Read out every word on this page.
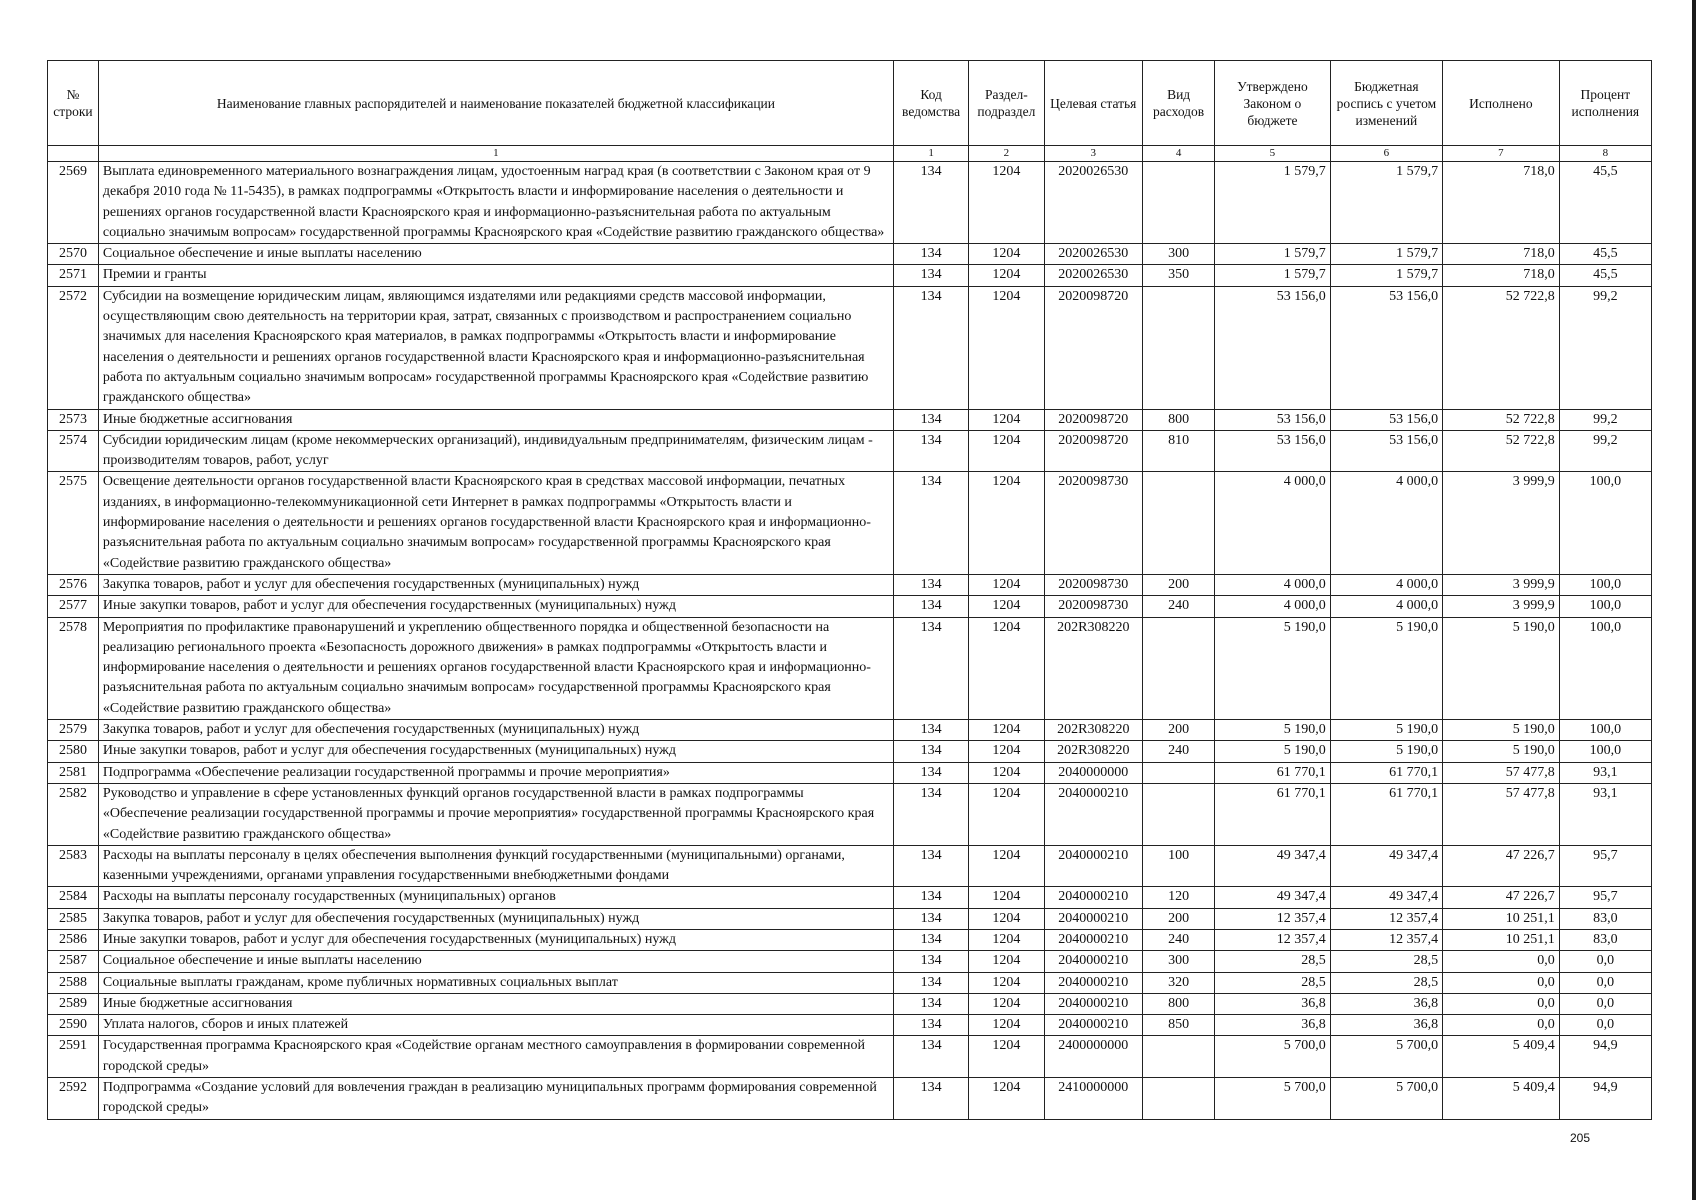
№ строки	Наименование главных распорядителей и наименование показателей бюджетной классификации	Код ведомства	Раздел-подраздел	Целевая статья	Вид расходов	Утверждено Законом о бюджете	Бюджетная роспись с учетом изменений	Исполнено	Процент исполнения
	1	1	2	3	4	5	6	7	8
2569	Выплата единовременного материального вознаграждения лицам, удостоенным наград края (в соответствии с Законом края от 9 декабря 2010 года № 11-5435), в рамках подпрограммы «Открытость власти и информирование населения о деятельности и решениях органов государственной власти Красноярского края и информационно-разъяснительная работа по актуальным социально значимым вопросам» государственной программы Красноярского края «Содействие развитию гражданского общества»	134	1204	2020026530		1 579,7	1 579,7	718,0	45,5
2570	Социальное обеспечение и иные выплаты населению	134	1204	2020026530	300	1 579,7	1 579,7	718,0	45,5
2571	Премии и гранты	134	1204	2020026530	350	1 579,7	1 579,7	718,0	45,5
2572	Субсидии на возмещение юридическим лицам, являющимся издателями или редакциями средств массовой информации, осуществляющим свою деятельность на территории края, затрат, связанных с производством и распространением социально значимых для населения Красноярского края материалов, в рамках подпрограммы «Открытость власти и информирование населения о деятельности и решениях органов государственной власти Красноярского края и информационно-разъяснительная работа по актуальным социально значимым вопросам» государственной программы Красноярского края «Содействие развитию гражданского общества»	134	1204	2020098720		53 156,0	53 156,0	52 722,8	99,2
2573	Иные бюджетные ассигнования	134	1204	2020098720	800	53 156,0	53 156,0	52 722,8	99,2
2574	Субсидии юридическим лицам (кроме некоммерческих организаций), индивидуальным предпринимателям, физическим лицам - производителям товаров, работ, услуг	134	1204	2020098720	810	53 156,0	53 156,0	52 722,8	99,2
2575	Освещение деятельности органов государственной власти Красноярского края в средствах массовой информации, печатных изданиях, в информационно-телекоммуникационной сети Интернет в рамках подпрограммы «Открытость власти и информирование населения о деятельности и решениях органов государственной власти Красноярского края и информационно-разъяснительная работа по актуальным социально значимым вопросам» государственной программы Красноярского края «Содействие развитию гражданского общества»	134	1204	2020098730		4 000,0	4 000,0	3 999,9	100,0
2576	Закупка товаров, работ и услуг для обеспечения государственных (муниципальных) нужд	134	1204	2020098730	200	4 000,0	4 000,0	3 999,9	100,0
2577	Иные закупки товаров, работ и услуг для обеспечения государственных (муниципальных) нужд	134	1204	2020098730	240	4 000,0	4 000,0	3 999,9	100,0
2578	Мероприятия по профилактике правонарушений и укреплению общественного порядка и общественной безопасности на реализацию регионального проекта «Безопасность дорожного движения» в рамках подпрограммы «Открытость власти и информирование населения о деятельности и решениях органов государственной власти Красноярского края и информационно-разъяснительная работа по актуальным социально значимым вопросам» государственной программы Красноярского края «Содействие развитию гражданского общества»	134	1204	202R308220		5 190,0	5 190,0	5 190,0	100,0
2579	Закупка товаров, работ и услуг для обеспечения государственных (муниципальных) нужд	134	1204	202R308220	200	5 190,0	5 190,0	5 190,0	100,0
2580	Иные закупки товаров, работ и услуг для обеспечения государственных (муниципальных) нужд	134	1204	202R308220	240	5 190,0	5 190,0	5 190,0	100,0
2581	Подпрограмма «Обеспечение реализации государственной программы и прочие мероприятия»	134	1204	2040000000		61 770,1	61 770,1	57 477,8	93,1
2582	Руководство и управление в сфере установленных функций органов государственной власти в рамках подпрограммы «Обеспечение реализации государственной программы и прочие мероприятия» государственной программы Красноярского края «Содействие развитию гражданского общества»	134	1204	2040000210		61 770,1	61 770,1	57 477,8	93,1
2583	Расходы на выплаты персоналу в целях обеспечения выполнения функций государственными (муниципальными) органами, казенными учреждениями, органами управления государственными внебюджетными фондами	134	1204	2040000210	100	49 347,4	49 347,4	47 226,7	95,7
2584	Расходы на выплаты персоналу государственных (муниципальных) органов	134	1204	2040000210	120	49 347,4	49 347,4	47 226,7	95,7
2585	Закупка товаров, работ и услуг для обеспечения государственных (муниципальных) нужд	134	1204	2040000210	200	12 357,4	12 357,4	10 251,1	83,0
2586	Иные закупки товаров, работ и услуг для обеспечения государственных (муниципальных) нужд	134	1204	2040000210	240	12 357,4	12 357,4	10 251,1	83,0
2587	Социальное обеспечение и иные выплаты населению	134	1204	2040000210	300	28,5	28,5	0,0	0,0
2588	Социальные выплаты гражданам, кроме публичных нормативных социальных выплат	134	1204	2040000210	320	28,5	28,5	0,0	0,0
2589	Иные бюджетные ассигнования	134	1204	2040000210	800	36,8	36,8	0,0	0,0
2590	Уплата налогов, сборов и иных платежей	134	1204	2040000210	850	36,8	36,8	0,0	0,0
2591	Государственная программа Красноярского края «Содействие органам местного самоуправления в формировании современной городской среды»	134	1204	2400000000		5 700,0	5 700,0	5 409,4	94,9
2592	Подпрограмма «Создание условий для вовлечения граждан в реализацию муниципальных программ формирования современной городской среды»	134	1204	2410000000		5 700,0	5 700,0	5 409,4	94,9
205
